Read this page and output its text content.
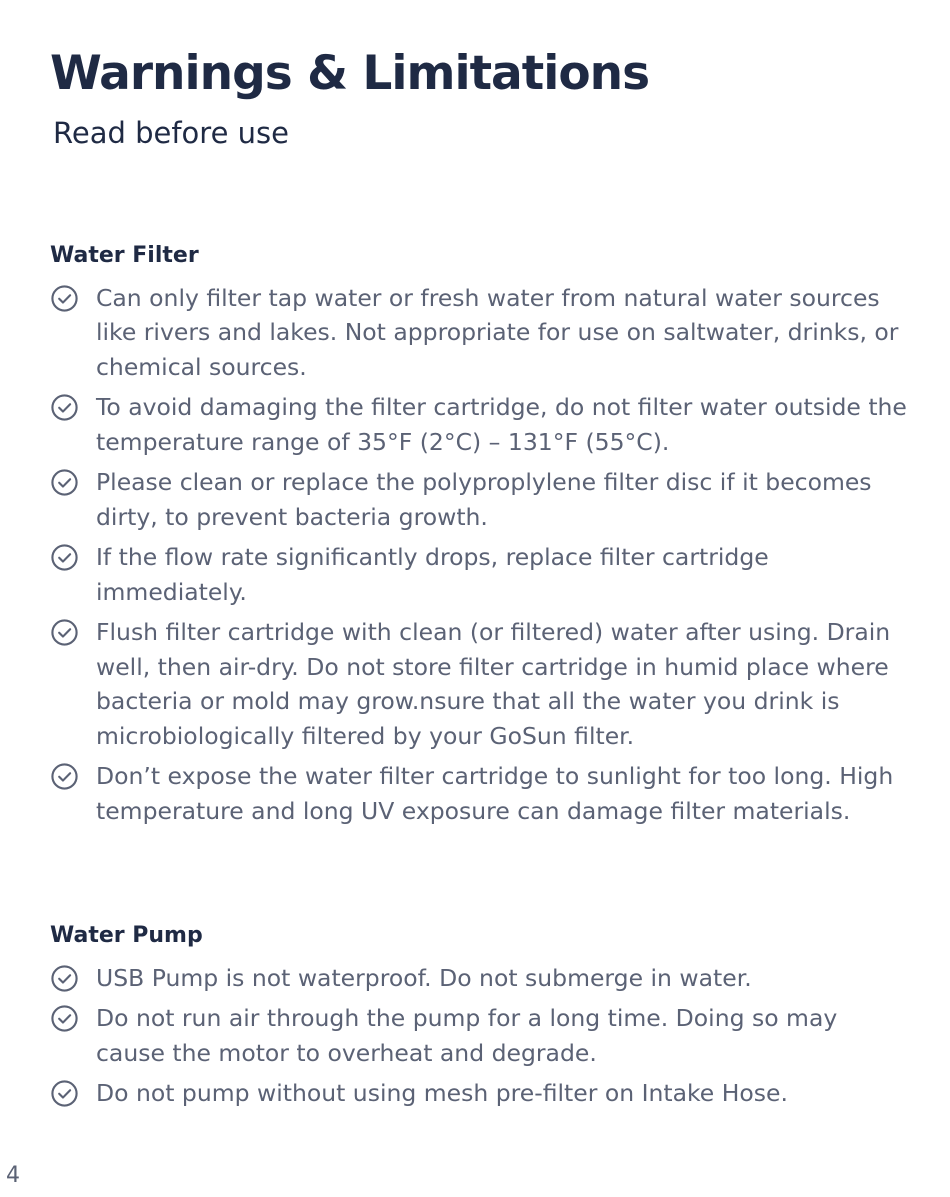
Warnings & Limitations
Read before use
Water Filter
Can only filter tap water or fresh water from natural water sources like rivers and lakes. Not appropriate for use on saltwater, drinks, or chemical sources.
To avoid damaging the filter cartridge, do not filter water outside the temperature range of 35°F (2°C) – 131°F (55°C).
Please clean or replace the polyproplylene filter disc if it becomes dirty, to prevent bacteria growth.
If the flow rate significantly drops, replace filter cartridge immediately.
Flush filter cartridge with clean (or filtered) water after using. Drain well, then air-dry. Do not store filter cartridge in humid place where bacteria or mold may grow.nsure that all the water you drink is microbiologically filtered by your GoSun filter.
Don’t expose the water filter cartridge to sunlight for too long. High temperature and long UV exposure can damage filter materials.
Water Pump
USB Pump is not waterproof. Do not submerge in water.
Do not run air through the pump for a long time. Doing so may cause the motor to overheat and degrade.
Do not pump without using mesh pre-filter on Intake Hose.
4
